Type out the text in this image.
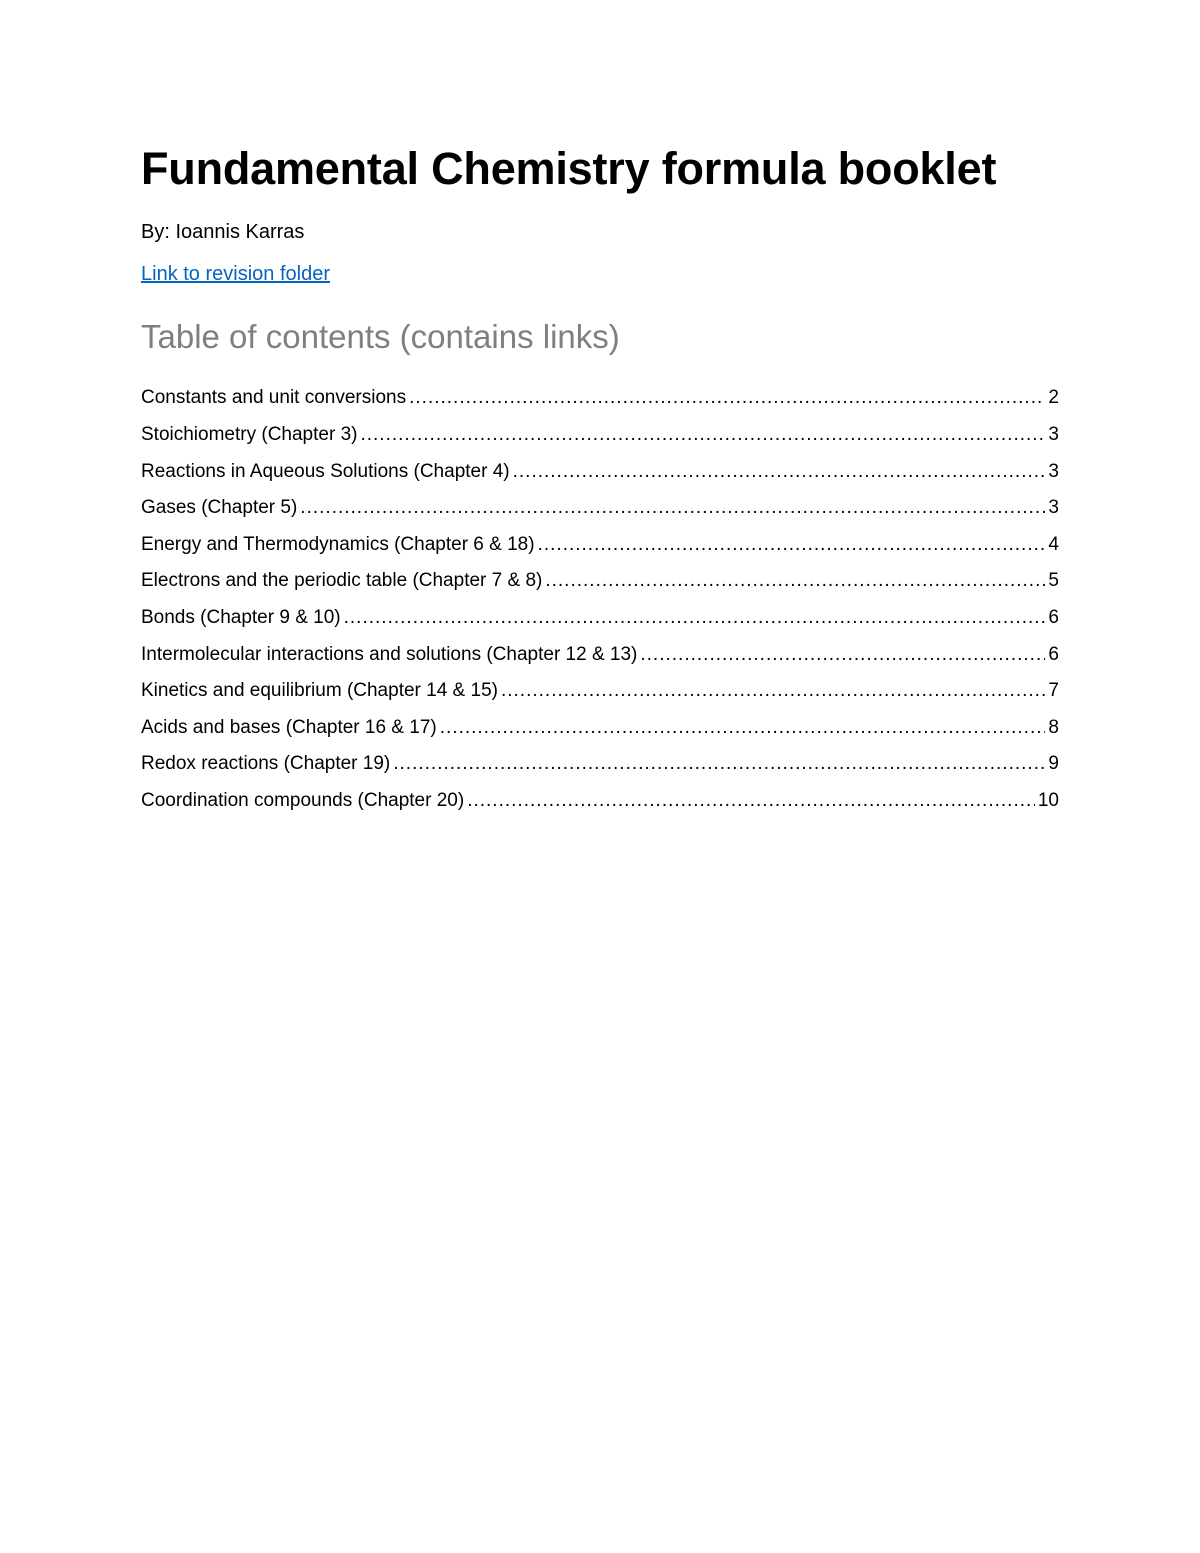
Fundamental Chemistry formula booklet
By: Ioannis Karras
Link to revision folder
Table of contents (contains links)
Constants and unit conversions .....	2
Stoichiometry (Chapter 3) .....	3
Reactions in Aqueous Solutions (Chapter 4) .....	3
Gases (Chapter 5) .....	3
Energy and Thermodynamics (Chapter 6 & 18) .....	4
Electrons and the periodic table (Chapter 7 & 8) .....	5
Bonds (Chapter 9 & 10) .....	6
Intermolecular interactions and solutions (Chapter 12 & 13) .....	6
Kinetics and equilibrium (Chapter 14 & 15) .....	7
Acids and bases (Chapter 16 & 17) .....	8
Redox reactions (Chapter 19) .....	9
Coordination compounds (Chapter 20) .....	10
